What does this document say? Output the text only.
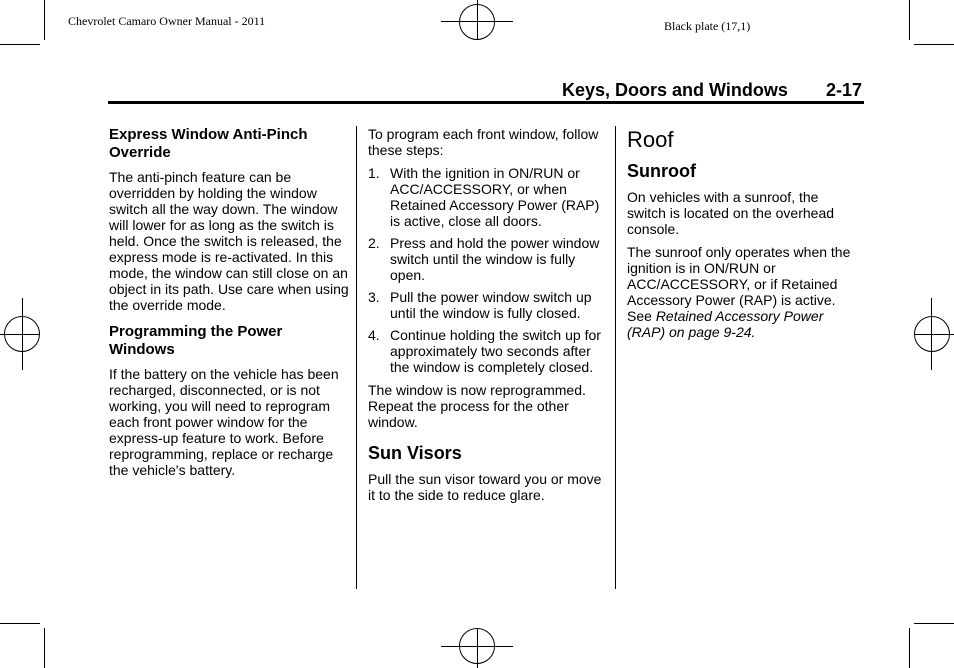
Chevrolet Camaro Owner Manual - 2011	Black plate (17,1)
Keys, Doors and Windows 2-17
Express Window Anti-Pinch Override

The anti-pinch feature can be overridden by holding the window switch all the way down. The window will lower for as long as the switch is held. Once the switch is released, the express mode is re-activated. In this mode, the window can still close on an object in its path. Use care when using the override mode.

Programming the Power Windows

If the battery on the vehicle has been recharged, disconnected, or is not working, you will need to reprogram each front power window for the express-up feature to work. Before reprogramming, replace or recharge the vehicle's battery.

To program each front window, follow these steps:

1. With the ignition in ON/RUN or ACC/ACCESSORY, or when Retained Accessory Power (RAP) is active, close all doors.
2. Press and hold the power window switch until the window is fully open.
3. Pull the power window switch up until the window is fully closed.
4. Continue holding the switch up for approximately two seconds after the window is completely closed.

The window is now reprogrammed. Repeat the process for the other window.

Sun Visors

Pull the sun visor toward you or move it to the side to reduce glare.

Roof
Sunroof

On vehicles with a sunroof, the switch is located on the overhead console.

The sunroof only operates when the ignition is in ON/RUN or ACC/ACCESSORY, or if Retained Accessory Power (RAP) is active. See Retained Accessory Power (RAP) on page 9-24.
